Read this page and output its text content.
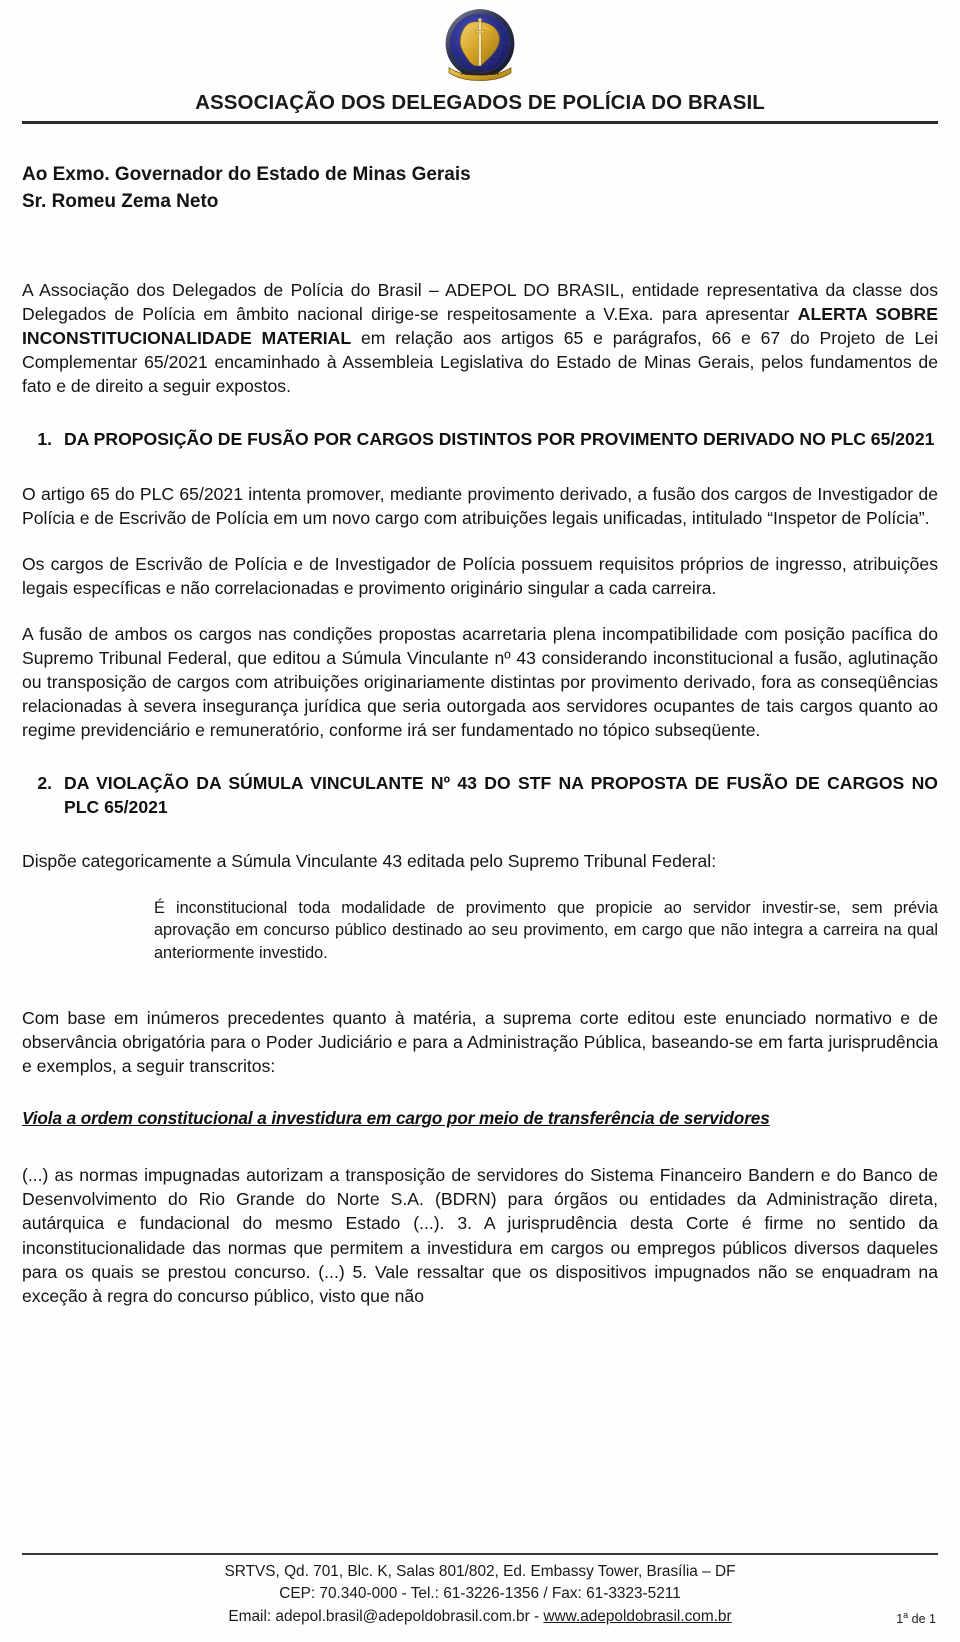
ADEPOL-BR
ASSOCIAÇÃO DOS DELEGADOS DE POLÍCIA DO BRASIL
Ao Exmo. Governador do Estado de Minas Gerais
Sr. Romeu Zema Neto

A Associação dos Delegados de Polícia do Brasil – ADEPOL DO BRASIL, entidade representativa da classe dos Delegados de Polícia em âmbito nacional dirige-se respeitosamente a V.Exa. para apresentar ALERTA SOBRE INCONSTITUCIONALIDADE MATERIAL em relação aos artigos 65 e parágrafos, 66 e 67 do Projeto de Lei Complementar 65/2021 encaminhado à Assembleia Legislativa do Estado de Minas Gerais, pelos fundamentos de fato e de direito a seguir expostos.

1. DA PROPOSIÇÃO DE FUSÃO POR CARGOS DISTINTOS POR PROVIMENTO DERIVADO NO PLC 65/2021

O artigo 65 do PLC 65/2021 intenta promover, mediante provimento derivado, a fusão dos cargos de Investigador de Polícia e de Escrivão de Polícia em um novo cargo com atribuições legais unificadas, intitulado “Inspetor de Polícia”.

Os cargos de Escrivão de Polícia e de Investigador de Polícia possuem requisitos próprios de ingresso, atribuições legais específicas e não correlacionadas e provimento originário singular a cada carreira.

A fusão de ambos os cargos nas condições propostas acarretaria plena incompatibilidade com posição pacífica do Supremo Tribunal Federal, que editou a Súmula Vinculante nº 43 considerando inconstitucional a fusão, aglutinação ou transposição de cargos com atribuições originariamente distintas por provimento derivado, fora as conseqüências relacionadas à severa insegurança jurídica que seria outorgada aos servidores ocupantes de tais cargos quanto ao regime previdenciário e remuneratório, conforme irá ser fundamentado no tópico subseqüente.

2. DA VIOLAÇÃO DA SÚMULA VINCULANTE Nº 43 DO STF NA PROPOSTA DE FUSÃO DE CARGOS NO PLC 65/2021

Dispõe categoricamente a Súmula Vinculante 43 editada pelo Supremo Tribunal Federal:

É inconstitucional toda modalidade de provimento que propicie ao servidor investir-se, sem prévia aprovação em concurso público destinado ao seu provimento, em cargo que não integra a carreira na qual anteriormente investido.

Com base em inúmeros precedentes quanto à matéria, a suprema corte editou este enunciado normativo e de observância obrigatória para o Poder Judiciário e para a Administração Pública, baseando-se em farta jurisprudência e exemplos, a seguir transcritos:

Viola a ordem constitucional a investidura em cargo por meio de transferência de servidores

(...) as normas impugnadas autorizam a transposição de servidores do Sistema Financeiro Bandern e do Banco de Desenvolvimento do Rio Grande do Norte S.A. (BDRN) para órgãos ou entidades da Administração direta, autárquica e fundacional do mesmo Estado (...). 3. A jurisprudência desta Corte é firme no sentido da inconstitucionalidade das normas que permitem a investidura em cargos ou empregos públicos diversos daqueles para os quais se prestou concurso. (...) 5. Vale ressaltar que os dispositivos impugnados não se enquadram na exceção à regra do concurso público, visto que não

SRTVS, Qd. 701, Blc. K, Salas 801/802, Ed. Embassy Tower, Brasília – DF
CEP: 70.340-000 - Tel.: 61-3226-1356 / Fax: 61-3323-5211
Email: adepol.brasil@adepoldobrasil.com.br - www.adepoldobrasil.com.br	1$^a$ de 1
